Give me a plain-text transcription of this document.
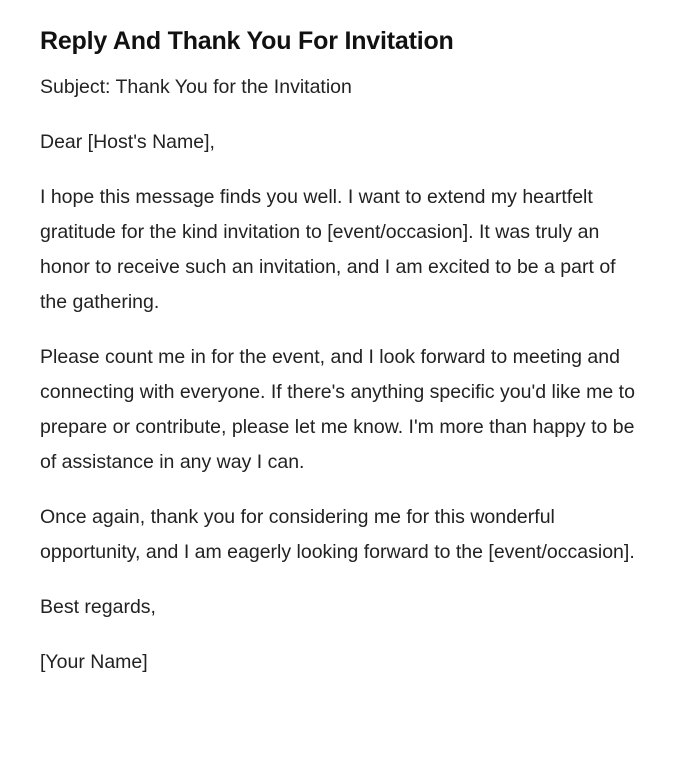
Reply And Thank You For Invitation

Subject: Thank You for the Invitation

Dear [Host's Name],

I hope this message finds you well. I want to extend my heartfelt gratitude for the kind invitation to [event/occasion]. It was truly an honor to receive such an invitation, and I am excited to be a part of the gathering.

Please count me in for the event, and I look forward to meeting and connecting with everyone. If there's anything specific you'd like me to prepare or contribute, please let me know. I'm more than happy to be of assistance in any way I can.

Once again, thank you for considering me for this wonderful opportunity, and I am eagerly looking forward to the [event/occasion].

Best regards,

[Your Name]
